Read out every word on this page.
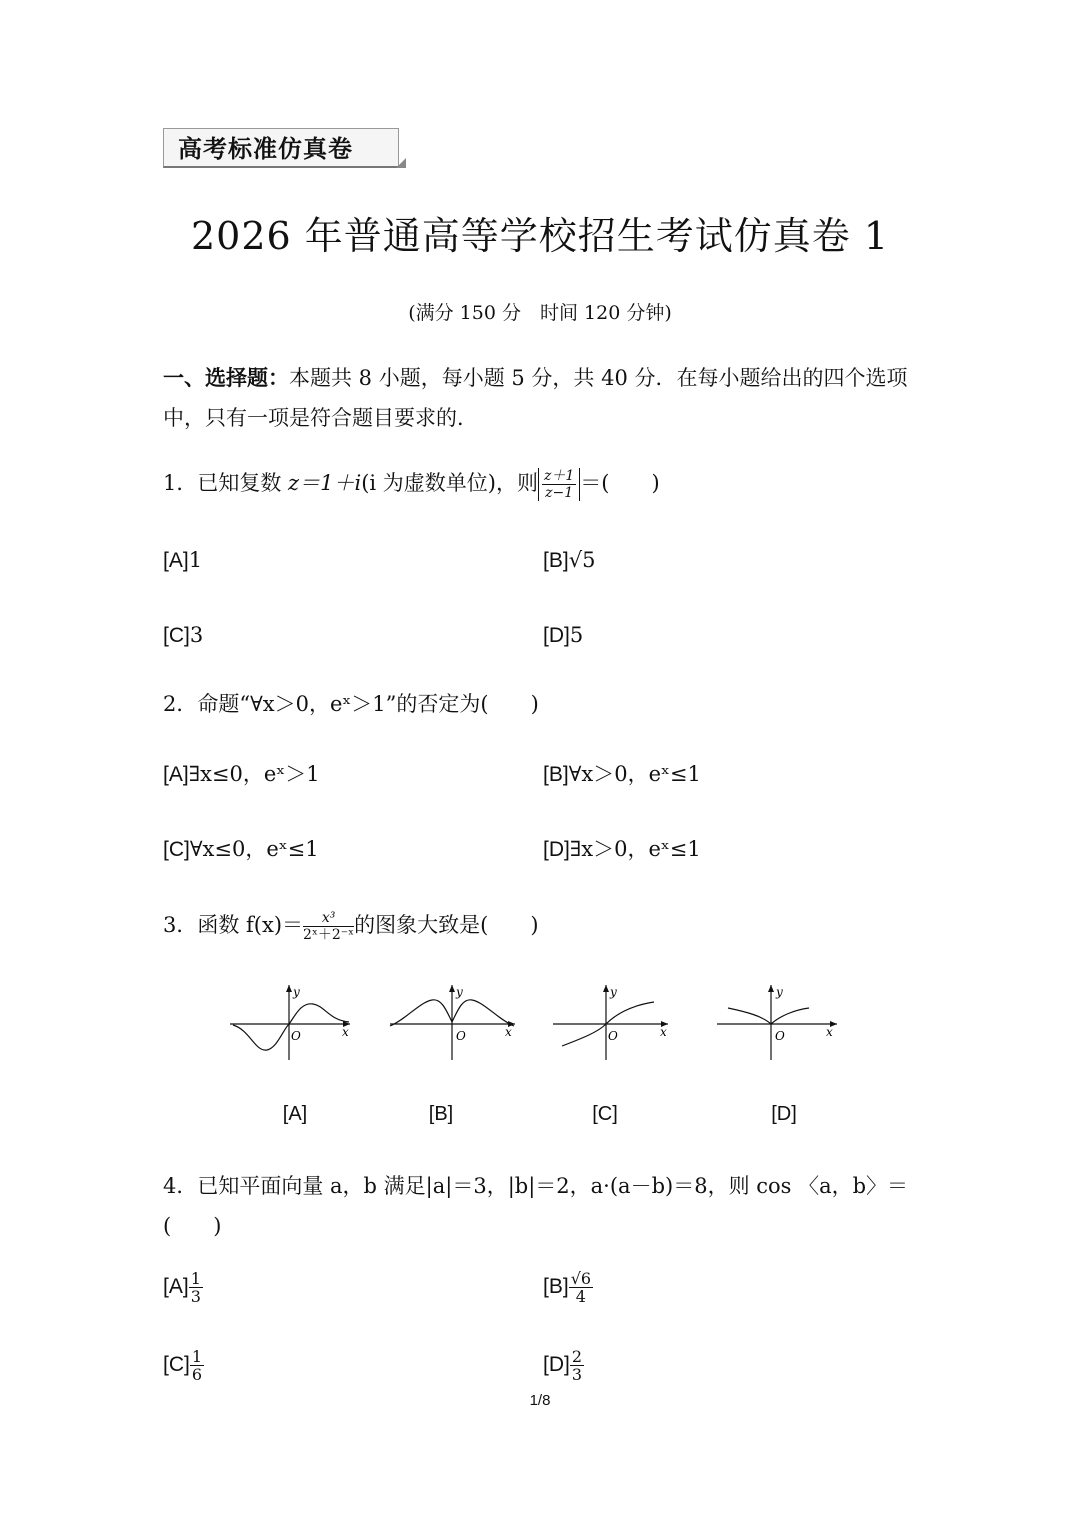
高考标准仿真卷
2026 年普通高等学校招生考试仿真卷 1
(满分 150 分　时间 120 分钟)
一、选择题：本题共 8 小题，每小题 5 分，共 40 分．在每小题给出的四个选项中，只有一项是符合题目要求的．
1．已知复数 z＝1＋i(i 为虚数单位)，则 $\frac{z+1}{z-1}$ ＝(　　)
[A]1	[B]√5
[C]3	[D]5
2．命题“∀x＞0，eˣ＞1”的否定为(　　)
[A]∃x≤0，eˣ＞1	[B]∀x＞0，eˣ≤1
[C]∀x≤0，eˣ≤1	[D]∃x＞0，eˣ≤1
3．函数 $f(x)= \frac{\text{x³}}{\text{2ˣ＋2⁻ˣ}}$ 的图象大致是(　　)
y
x
O
y
x
O
y
x
O
y
x
O
[A]	[B]	[C]	[D]
4．已知平面向量 a，b 满足|a|＝3，|b|＝2，a·(a－b)＝8，则 cos 〈a，b〉＝
(　　)
$[A] \frac{1}{3}$	$[B] \frac{√6}{4}$
$[C] \frac{1}{6}$	$[D] \frac{2}{3}$
1/8
